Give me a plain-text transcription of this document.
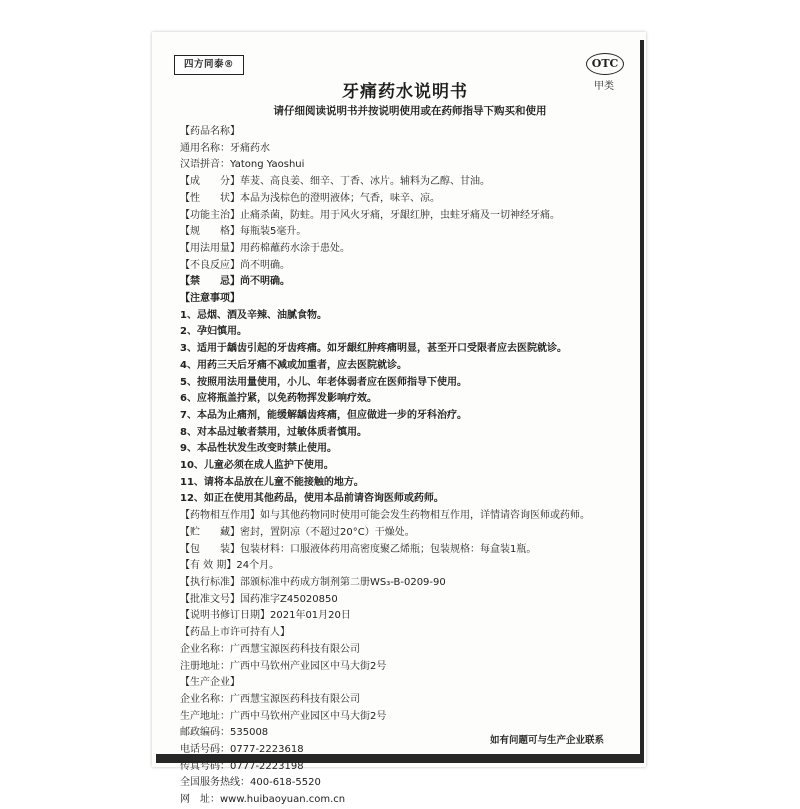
四方同泰®	OTC
甲类
牙痛药水说明书
请仔细阅读说明书并按说明使用或在药师指导下购买和使用
【药品名称】
通用名称：牙痛药水
汉语拼音：Yatong Yaoshui
【成　　分】荜茇、高良姜、细辛、丁香、冰片。辅料为乙醇、甘油。
【性　　状】本品为浅棕色的澄明液体；气香，味辛、凉。
【功能主治】止痛杀菌，防蛀。用于风火牙痛，牙龈红肿，虫蛀牙痛及一切神经牙痛。
【规　　格】每瓶装5毫升。
【用法用量】用药棉蘸药水涂于患处。
【不良反应】尚不明确。
【禁　　忌】尚不明确。
【注意事项】
1、忌烟、酒及辛辣、油腻食物。
2、孕妇慎用。
3、适用于龋齿引起的牙齿疼痛。如牙龈红肿疼痛明显，甚至开口受限者应去医院就诊。
4、用药三天后牙痛不减或加重者，应去医院就诊。
5、按照用法用量使用，小儿、年老体弱者应在医师指导下使用。
6、应将瓶盖拧紧，以免药物挥发影响疗效。
7、本品为止痛剂，能缓解龋齿疼痛，但应做进一步的牙科治疗。
8、对本品过敏者禁用，过敏体质者慎用。
9、本品性状发生改变时禁止使用。
10、儿童必须在成人监护下使用。
11、请将本品放在儿童不能接触的地方。
12、如正在使用其他药品，使用本品前请咨询医师或药师。
【药物相互作用】如与其他药物同时使用可能会发生药物相互作用，详情请咨询医师或药师。
【贮　　藏】密封，置阴凉（不超过20°C）干燥处。
【包　　装】包装材料：口服液体药用高密度聚乙烯瓶；包装规格：每盒装1瓶。
【有 效 期】24个月。
【执行标准】部颁标准中药成方制剂第二册WS₃-B-0209-90
【批准文号】国药准字Z45020850
【说明书修订日期】2021年01月20日
【药品上市许可持有人】
企业名称：广西慧宝源医药科技有限公司
注册地址：广西中马钦州产业园区中马大街2号
【生产企业】
企业名称：广西慧宝源医药科技有限公司
生产地址：广西中马钦州产业园区中马大街2号
邮政编码：535008
电话号码：0777-2223618
传真号码：0777-2223198
全国服务热线：400-618-5520
网　址：www.huibaoyuan.com.cn
如有问题可与生产企业联系
